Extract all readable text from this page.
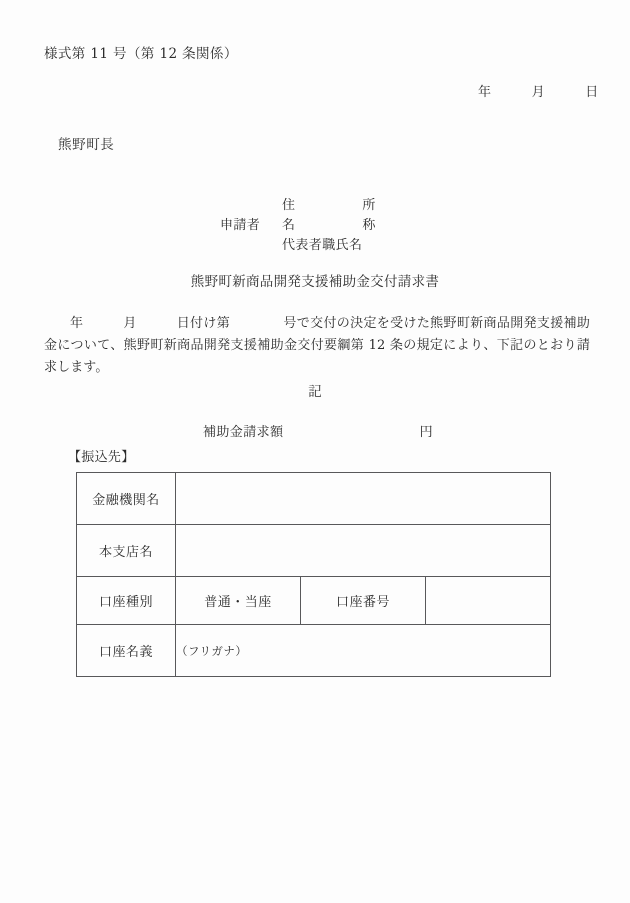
様式第 11 号（第 12 条関係）
年　　　月　　　日
熊野町長
住　　　　　所
申請者	名　　　　　称
代表者職氏名
熊野町新商品開発支援補助金交付請求書

年　　　月　　　日付け第　　　　号で交付の決定を受けた熊野町新商品開発支援補助金について、熊野町新商品開発支援補助金交付要綱第 12 条の規定により、下記のとおり請求します。

記
補助金請求額	円
【振込先】
金融機関名			
本支店名			
口座種別	普通・当座	口座番号	
口座名義	（フリガナ）		
